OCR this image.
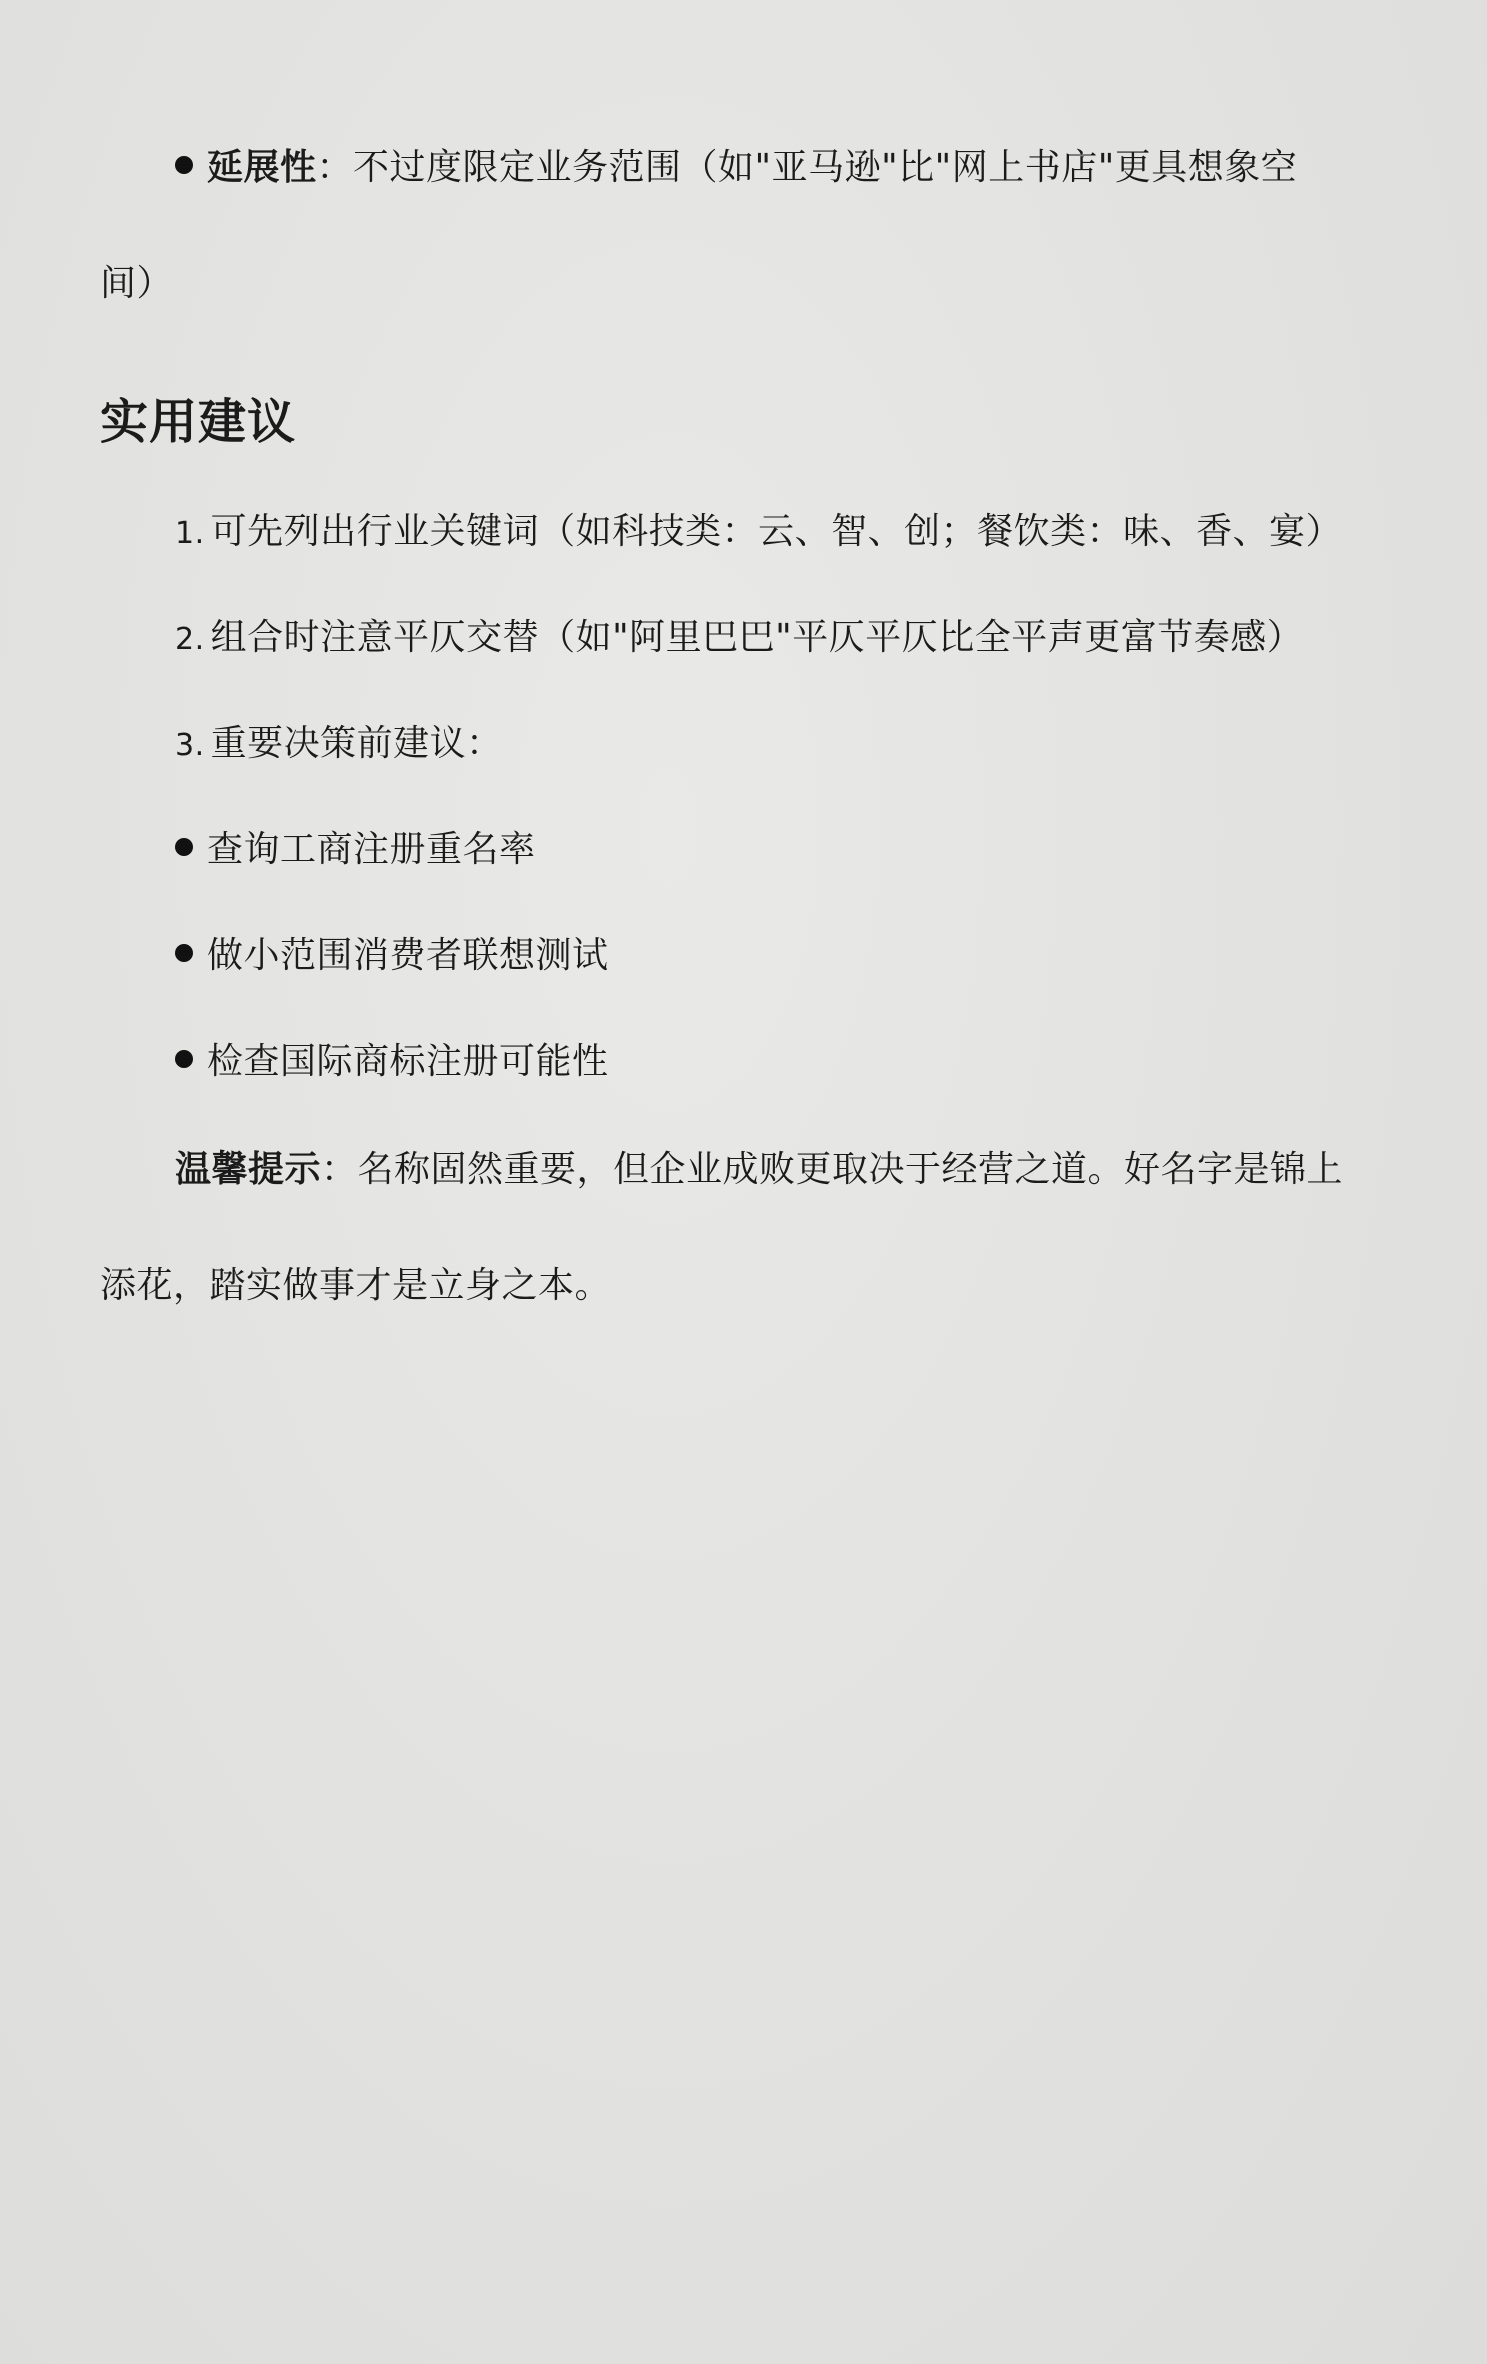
延展性：不过度限定业务范围（如"亚马逊"比"网上书店"更具想象空
间）
实用建议
1. 可先列出行业关键词（如科技类：云、智、创；餐饮类：味、香、宴）
2. 组合时注意平仄交替（如"阿里巴巴"平仄平仄比全平声更富节奏感）
3. 重要决策前建议：
查询工商注册重名率
做小范围消费者联想测试
检查国际商标注册可能性
温馨提示：名称固然重要，但企业成败更取决于经营之道。好名字是锦上
添花，踏实做事才是立身之本。
